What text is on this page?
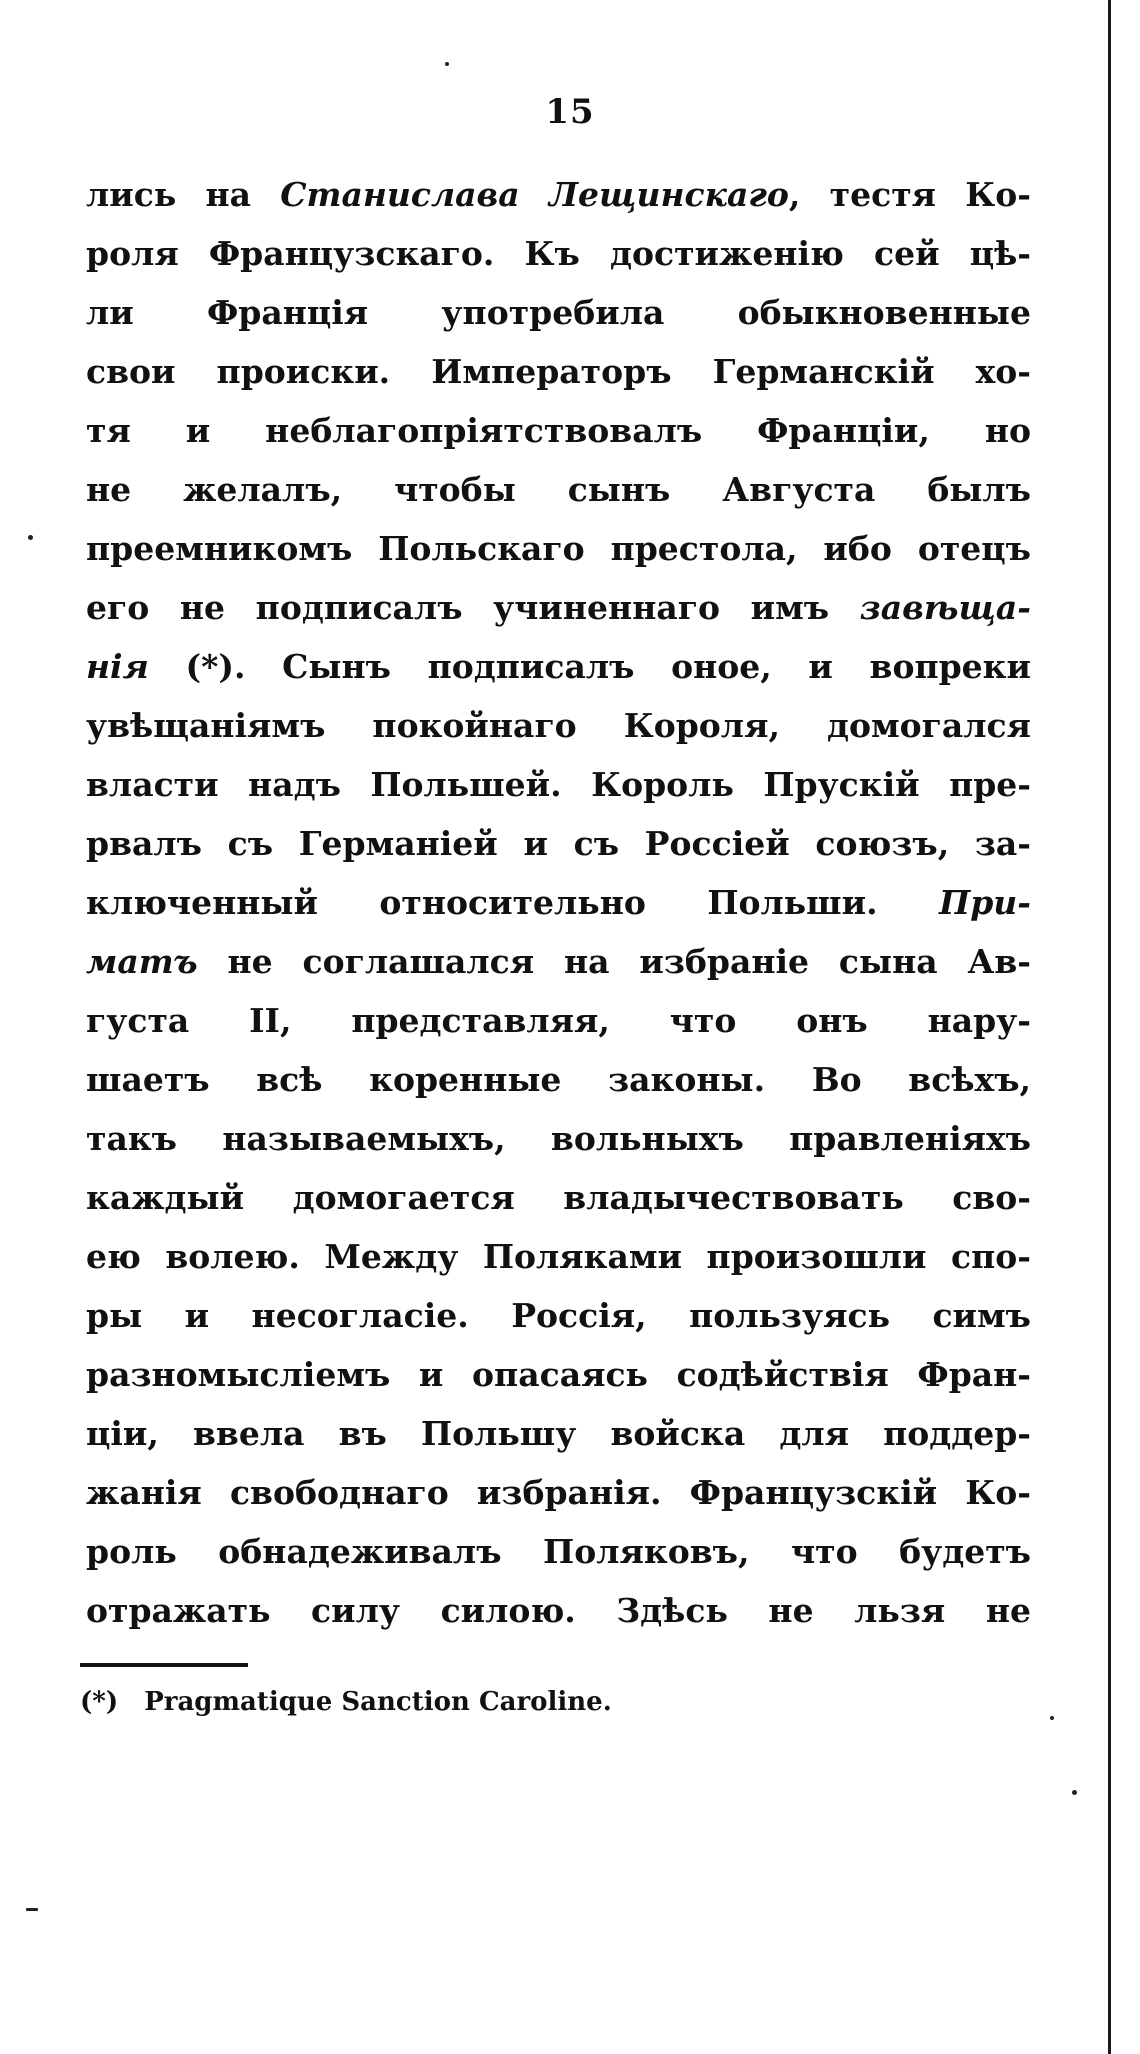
15
лись на Станислава Лещинскаго, тестя Ко-
роля Французскаго. Къ достиженію сей цѣ-
ли Франція употребила обыкновенные
свои происки. Императоръ Германскій хо-
тя и неблагопріятствовалъ Франціи, но
не желалъ, чтобы сынъ Августа былъ
преемникомъ Польскаго престола, ибо отецъ
его не подписалъ учиненнаго имъ завѣща-
нія (*). Сынъ подписалъ оное, и вопреки
увѣщаніямъ покойнаго Короля, домогался
власти надъ Польшей. Король Прускій пре-
рвалъ съ Германіей и съ Россіей союзъ, за-
ключенный относительно Польши. При-
матъ не соглашался на избраніе сына Ав-
густа II, представляя, что онъ нару-
шаетъ всѣ коренные законы. Во всѣхъ,
такъ называемыхъ, вольныхъ правленіяхъ
каждый домогается владычествовать сво-
ею волею. Между Поляками произошли спо-
ры и несогласіе. Россія, пользуясь симъ
разномысліемъ и опасаясь содѣйствія Фран-
ціи, ввела въ Польшу войска для поддер-
жанія свободнаго избранія. Французскій Ко-
роль обнадеживалъ Поляковъ, что будетъ
отражать силу силою. Здѣсь не льзя не
(*) Pragmatique Sanction Caroline.
